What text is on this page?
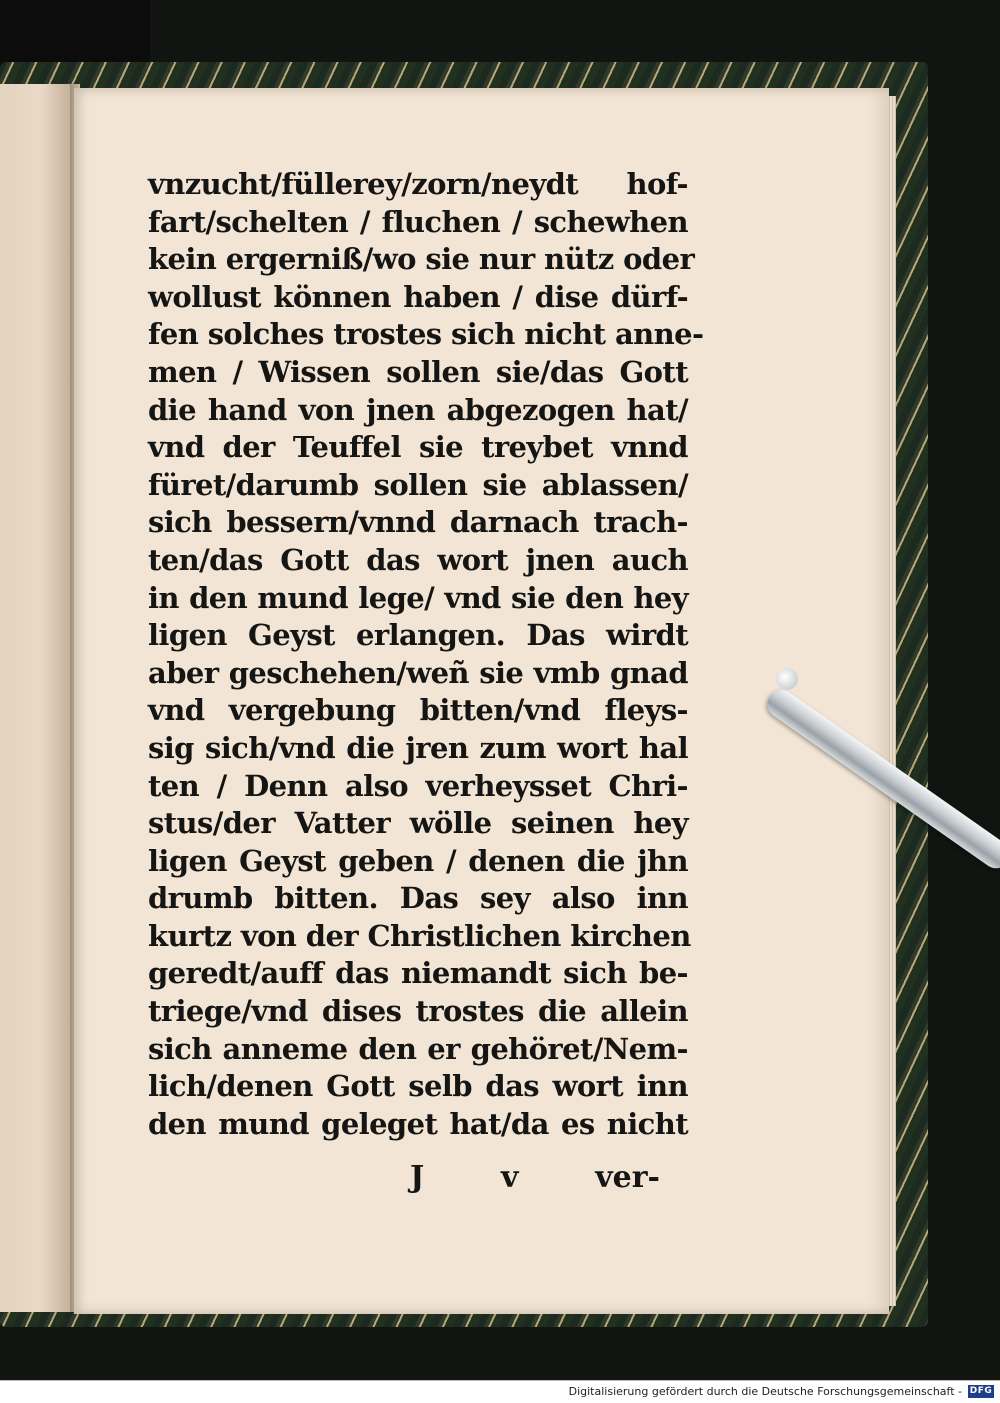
vnzucht/füllerey/zorn/neydt hof-
fart/schelten / fluchen / schewhen
kein ergerniß/wo sie nur nütz oder
wollust können haben / dise dürf-
fen solches trostes sich nicht anne-
men / Wissen sollen sie/das Gott
die hand von jnen abgezogen hat/
vnd der Teuffel sie treybet vnnd
füret/darumb sollen sie ablassen/
sich bessern/vnnd darnach trach-
ten/das Gott das wort jnen auch
in den mund lege/ vnd sie den hey
ligen Geyst erlangen. Das wirdt
aber geschehen/weñ sie vmb gnad
vnd vergebung bitten/vnd fleys-
sig sich/vnd die jren zum wort hal
ten / Denn also verheysset Chri-
stus/der Vatter wölle seinen hey
ligen Geyst geben / denen die jhn
drumb bitten. Das sey also inn
kurtz von der Christlichen kirchen
geredt/auff das niemandt sich be-
triege/vnd dises trostes die allein
sich anneme den er gehöret/Nem-
lich/denen Gott selb das wort inn
den mund geleget hat/da es nicht
J	v	ver-
Digitalisierung gefördert durch die Deutsche Forschungsgemeinschaft - DFG
